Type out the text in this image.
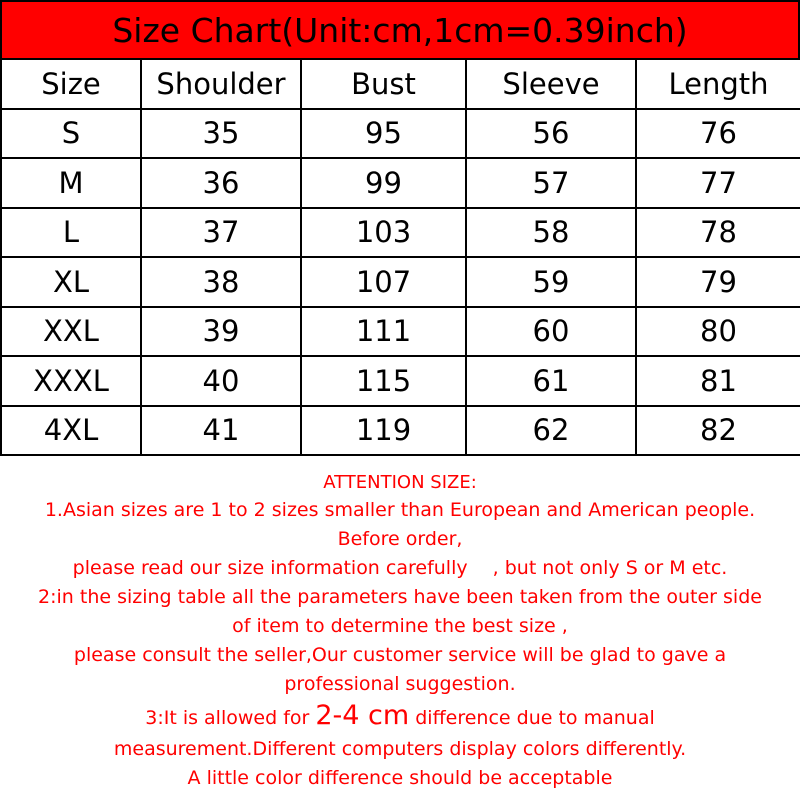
Size Chart(Unit:cm,1cm=0.39inch)
Size	Shoulder	Bust	Sleeve	Length
S	35	95	56	76
M	36	99	57	77
L	37	103	58	78
XL	38	107	59	79
XXL	39	111	60	80
XXXL	40	115	61	81
4XL	41	119	62	82
ATTENTION SIZE:
1.Asian sizes are 1 to 2 sizes smaller than European and American people.
Before order,
please read our size information carefully 　, but not only S or M etc.
2:in the sizing table all the parameters have been taken from the outer side
of item to determine the best size ,
please consult the seller,Our customer service will be glad to gave a
professional suggestion.
3:It is allowed for 2-4 cm difference due to manual
measurement.Different computers display colors differently.
A little color difference should be acceptable
